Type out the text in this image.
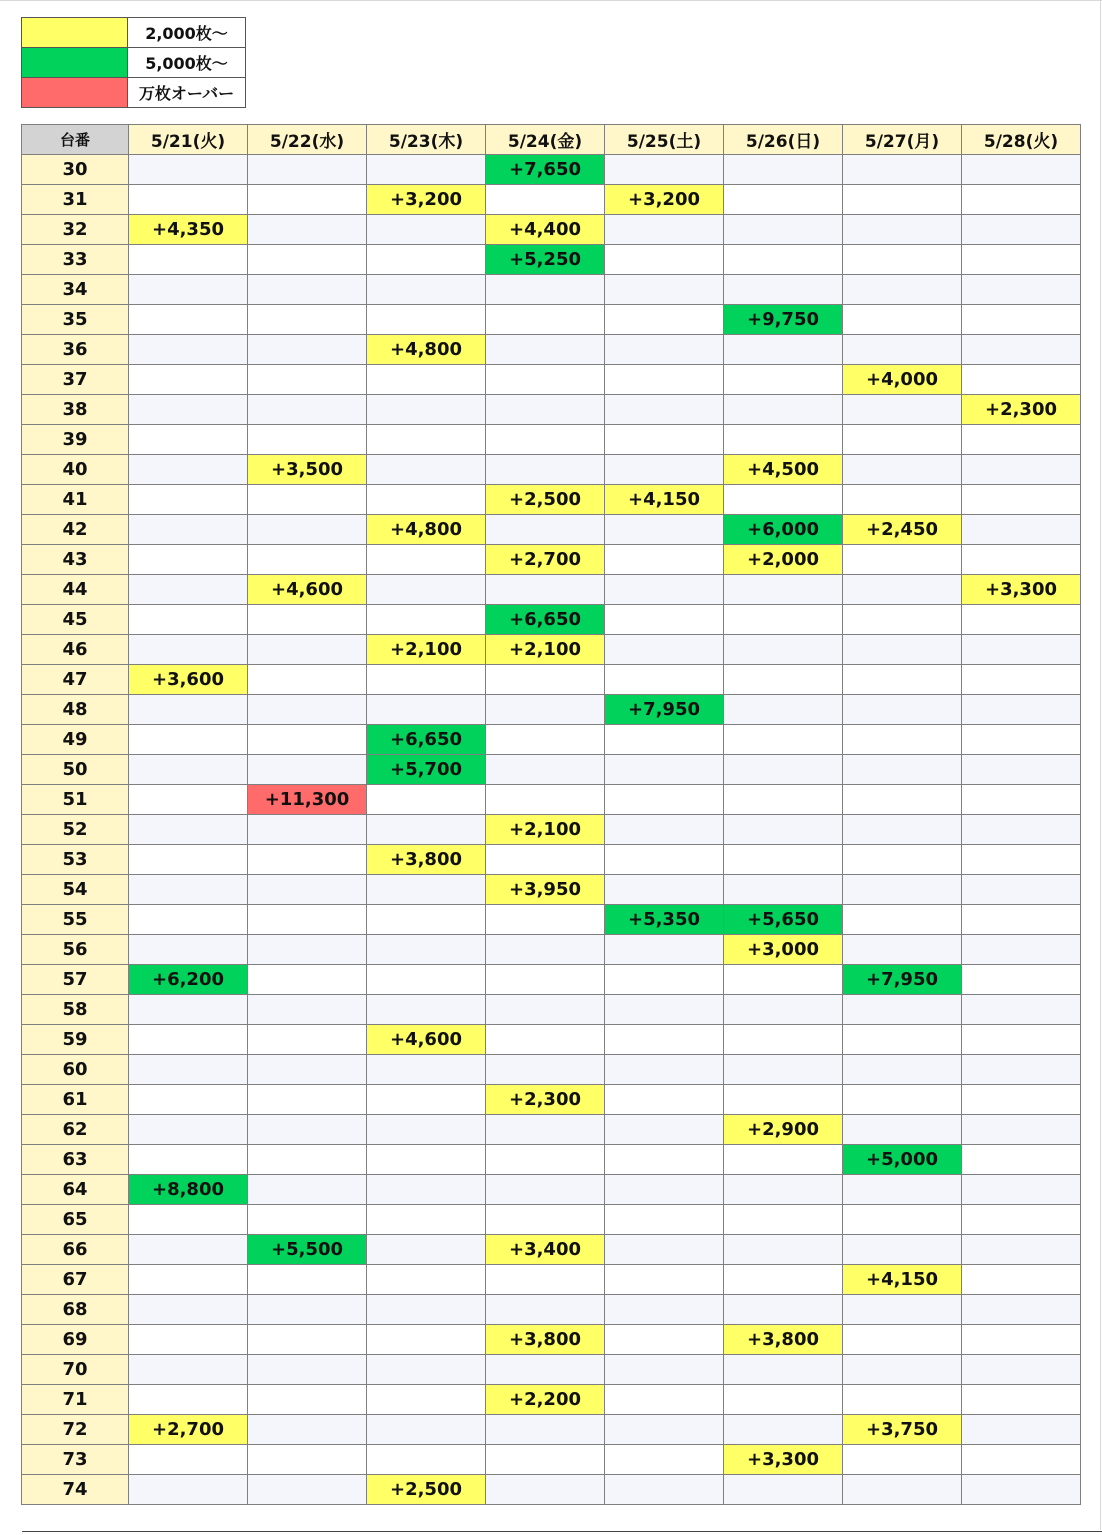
	2,000枚～
	5,000枚～
	万枚オーバー
台番	5/21(火)	5/22(水)	5/23(木)	5/24(金)	5/25(土)	5/26(日)	5/27(月)	5/28(火)
30				+7,650				
31			+3,200		+3,200			
32	+4,350			+4,400				
33				+5,250				
34								
35						+9,750		
36			+4,800					
37							+4,000	
38								+2,300
39								
40		+3,500				+4,500		
41				+2,500	+4,150			
42			+4,800			+6,000	+2,450	
43				+2,700		+2,000		
44		+4,600						+3,300
45				+6,650				
46			+2,100	+2,100				
47	+3,600							
48					+7,950			
49			+6,650					
50			+5,700					
51		+11,300						
52				+2,100				
53			+3,800					
54				+3,950				
55					+5,350	+5,650		
56						+3,000		
57	+6,200						+7,950	
58								
59			+4,600					
60								
61				+2,300				
62						+2,900		
63							+5,000	
64	+8,800							
65								
66		+5,500		+3,400				
67							+4,150	
68								
69				+3,800		+3,800		
70								
71				+2,200				
72	+2,700						+3,750	
73						+3,300		
74			+2,500					
